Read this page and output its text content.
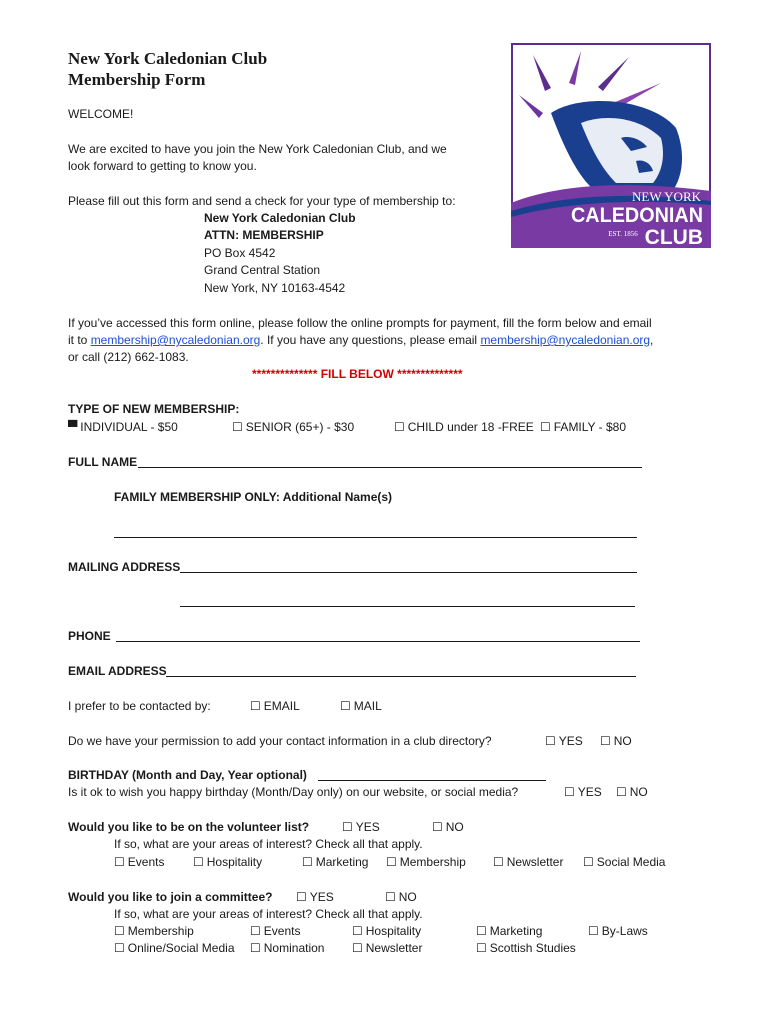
New York Caledonian Club
Membership Form
NEW YORK
CALEDONIAN
EST. 1856 CLUB
WELCOME!
We are excited to have you join the New York Caledonian Club, and we
look forward to getting to know you.
Please fill out this form and send a check for your type of membership to:
New York Caledonian Club
ATTN: MEMBERSHIP
PO Box 4542
Grand Central Station
New York, NY 10163-4542
If you’ve accessed this form online, please follow the online prompts for payment, fill the form below and email
it to membership@nycaledonian.org. If you have any questions, please email membership@nycaledonian.org,
or call (212) 662-1083.
************** FILL BELOW **************
TYPE OF NEW MEMBERSHIP:
▀ INDIVIDUAL - $50	☐ SENIOR (65+) - $30	☐ CHILD under 18 -FREE ☐ FAMILY - $80
FULL NAME
FAMILY MEMBERSHIP ONLY: Additional Name(s)
MAILING ADDRESS
PHONE
EMAIL ADDRESS
I prefer to be contacted by:	☐ EMAIL	☐ MAIL
Do we have your permission to add your contact information in a club directory?	☐ YES ☐ NO
BIRTHDAY (Month and Day, Year optional)
Is it ok to wish you happy birthday (Month/Day only) on our website, or social media?	☐ YES ☐ NO
Would you like to be on the volunteer list?	☐ YES	☐ NO
If so, what are your areas of interest? Check all that apply.
☐ Events ☐ Hospitality	☐ Marketing ☐ Membership ☐ Newsletter ☐ Social Media
Would you like to join a committee? ☐ YES	☐ NO
If so, what are your areas of interest? Check all that apply.
☐ Membership	☐ Events	☐ Hospitality	☐ Marketing	☐ By-Laws
☐ Online/Social Media ☐ Nomination ☐ Newsletter	☐ Scottish Studies
